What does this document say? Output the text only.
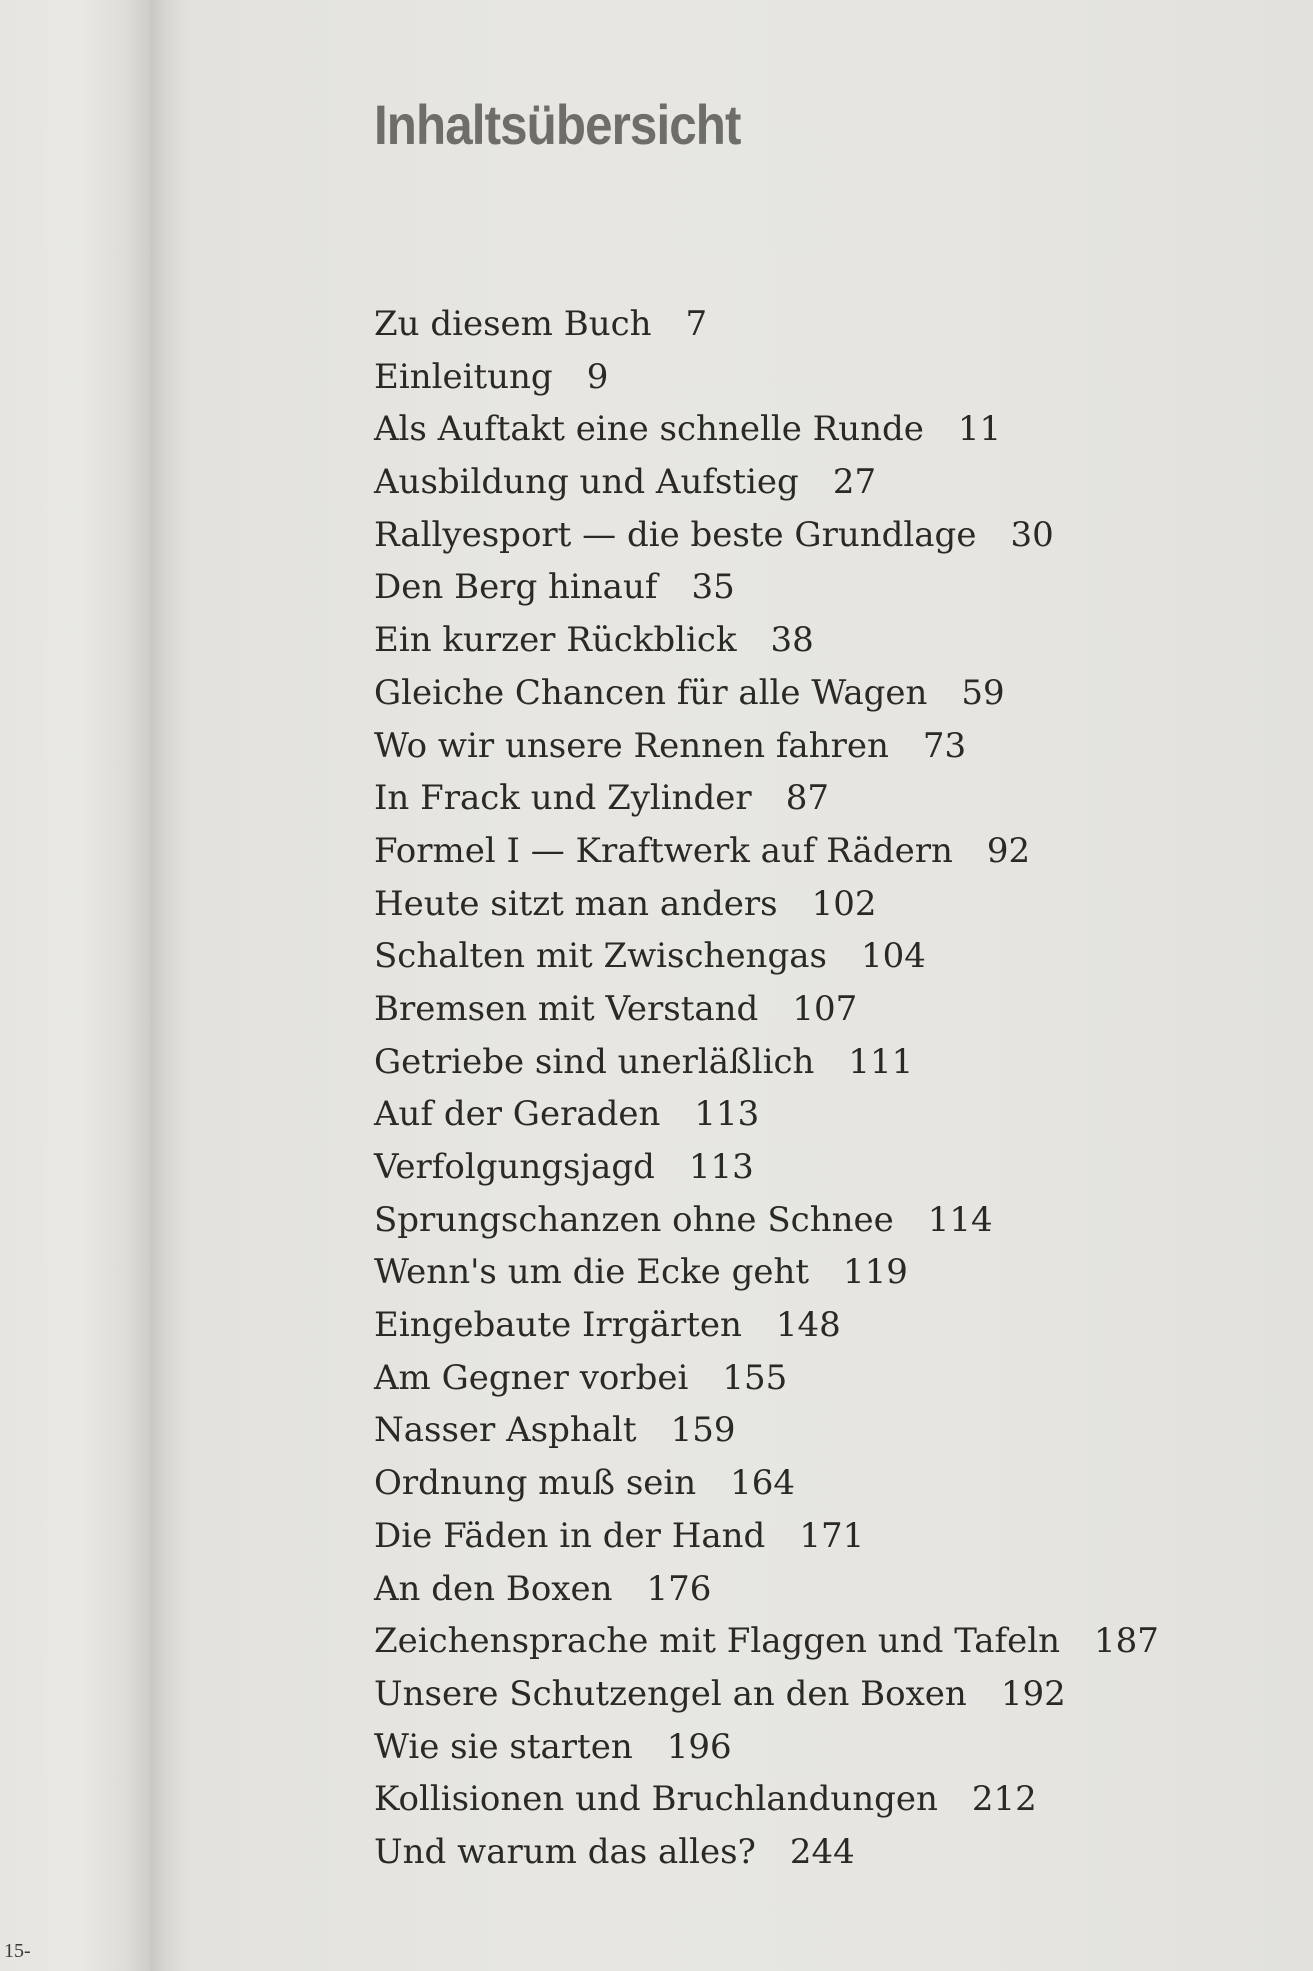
15-
Inhaltsübersicht
Zu diesem Buch 7
Einleitung 9
Als Auftakt eine schnelle Runde 11
Ausbildung und Aufstieg 27
Rallyesport — die beste Grundlage 30
Den Berg hinauf 35
Ein kurzer Rückblick 38
Gleiche Chancen für alle Wagen 59
Wo wir unsere Rennen fahren 73
In Frack und Zylinder 87
Formel I — Kraftwerk auf Rädern 92
Heute sitzt man anders 102
Schalten mit Zwischengas 104
Bremsen mit Verstand 107
Getriebe sind unerläßlich 111
Auf der Geraden 113
Verfolgungsjagd 113
Sprungschanzen ohne Schnee 114
Wenn's um die Ecke geht 119
Eingebaute Irrgärten 148
Am Gegner vorbei 155
Nasser Asphalt 159
Ordnung muß sein 164
Die Fäden in der Hand 171
An den Boxen 176
Zeichensprache mit Flaggen und Tafeln 187
Unsere Schutzengel an den Boxen 192
Wie sie starten 196
Kollisionen und Bruchlandungen 212
Und warum das alles? 244
